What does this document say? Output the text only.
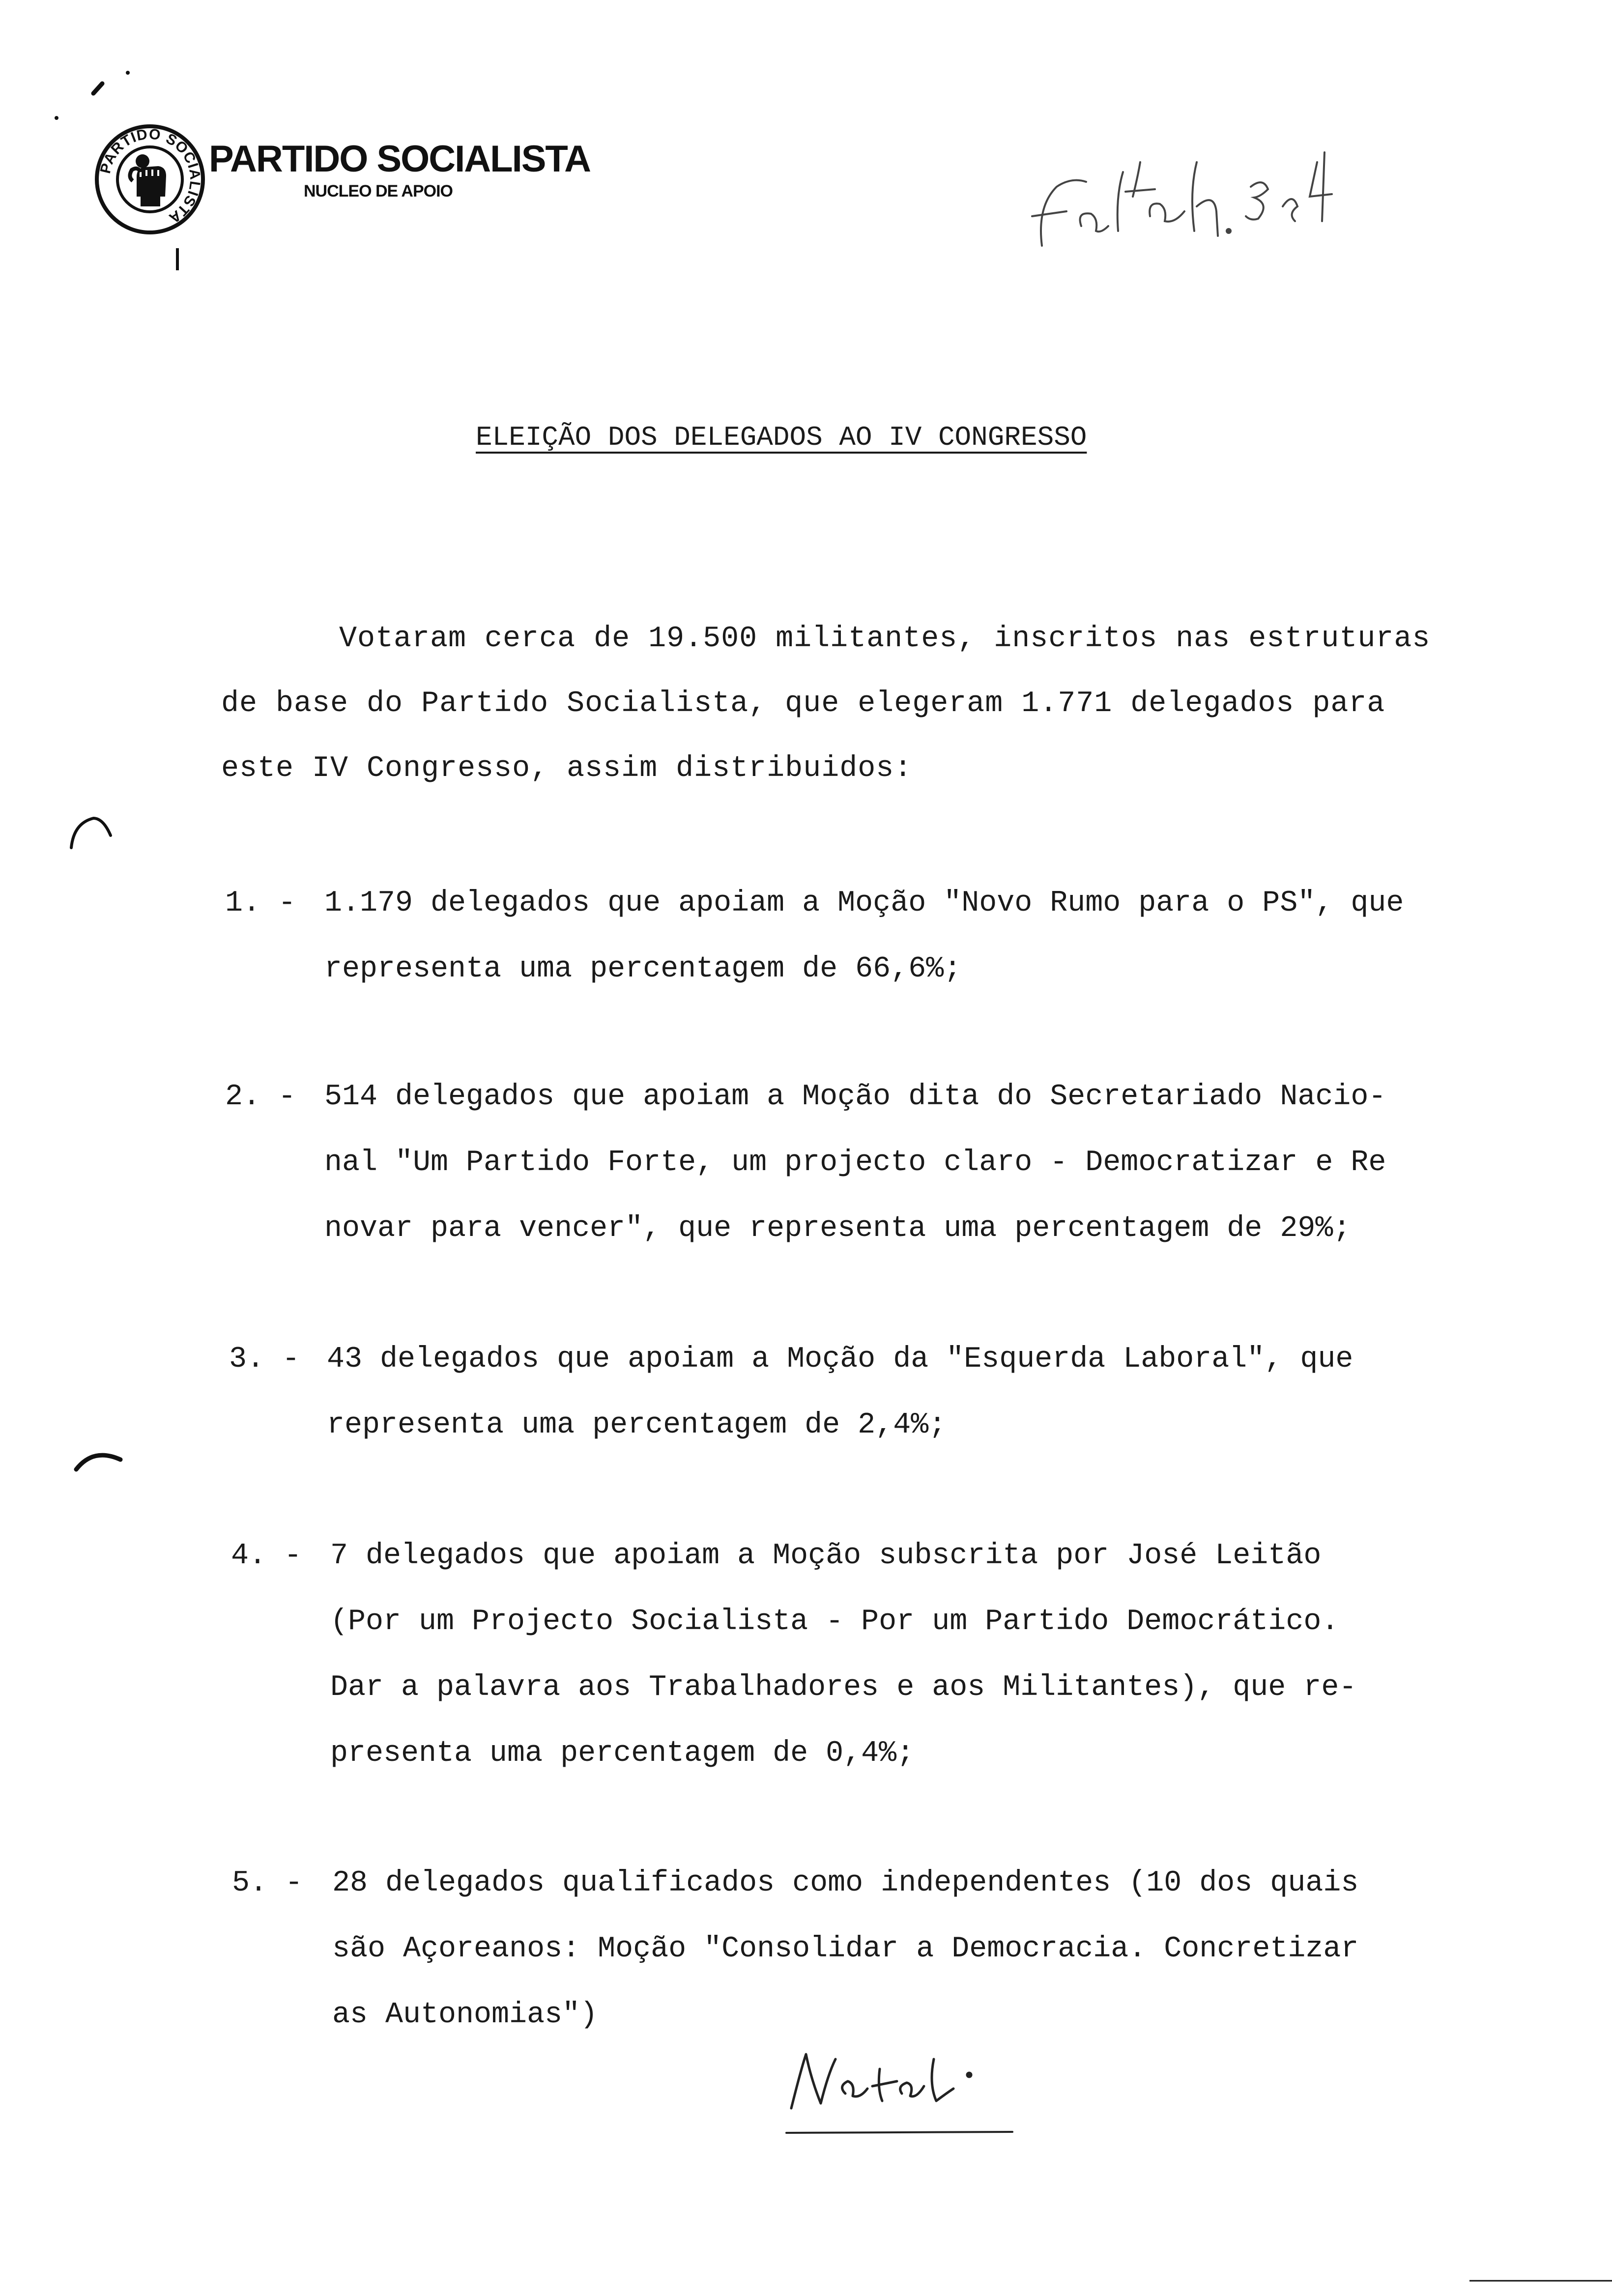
PARTIDO SOCIALISTA
PARTIDO SOCIALISTA
NUCLEO DE APOIO
ELEIÇÃO DOS DELEGADOS AO IV CONGRESSO
Votaram cerca de 19.500 militantes, inscritos nas estruturas
de base do Partido Socialista, que elegeram 1.771 delegados para
este IV Congresso, assim distribuidos:
1. - 1.179 delegados que apoiam a Moção "Novo Rumo para o PS", que
representa uma percentagem de 66,6%;
2. - 514 delegados que apoiam a Moção dita do Secretariado Nacio-
nal "Um Partido Forte, um projecto claro - Democratizar e Re
novar para vencer", que representa uma percentagem de 29%;
3. - 43 delegados que apoiam a Moção da "Esquerda Laboral", que
representa uma percentagem de 2,4%;
4. - 7 delegados que apoiam a Moção subscrita por José Leitão
(Por um Projecto Socialista - Por um Partido Democrático.
Dar a palavra aos Trabalhadores e aos Militantes), que re-
presenta uma percentagem de 0,4%;
5. - 28 delegados qualificados como independentes (10 dos quais
são Açoreanos: Moção "Consolidar a Democracia. Concretizar
as Autonomias")
